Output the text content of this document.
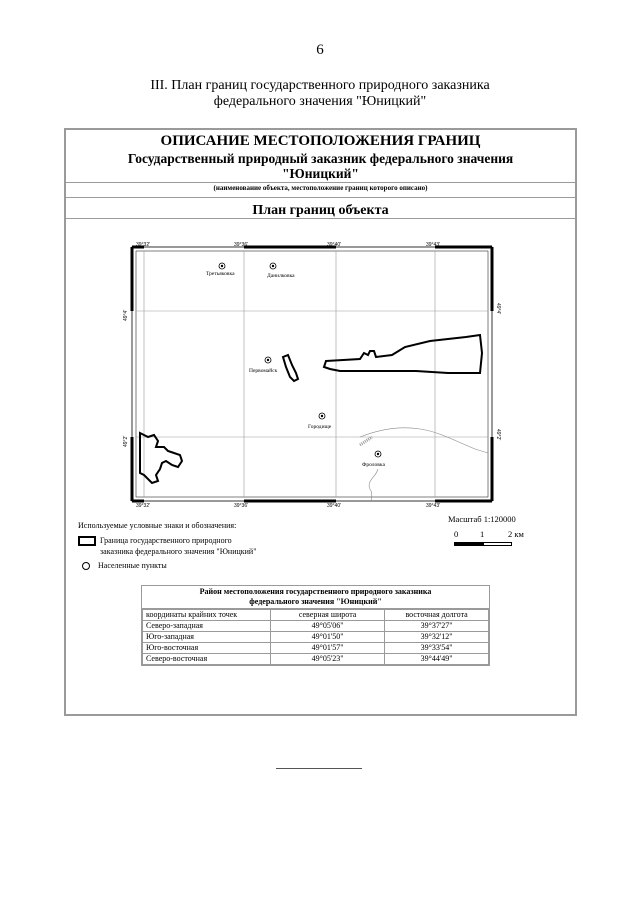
6
III. План границ государственного природного заказника
федерального значения "Юницкий"
ОПИСАНИЕ МЕСТОПОЛОЖЕНИЯ ГРАНИЦ
Государственный природный заказник федерального значения
"Юницкий"
(наименование объекта, местоположение границ которого описано)
План границ объекта
39°32'	39°36'	39°40'	39°43'
39°32'	39°36'	39°40'	39°43'
49°4'
49°2'
49°4'
49°2'
Третьяковка	Данилковка
Первомайск
Городище
Фроловка
Используемые условные знаки и обозначения:
Граница государственного природного
заказника федерального значения "Юницкий"
Населенные пункты
Масштаб 1:120000
0	1	2 км
Район местоположения государственного природного заказника
федерального значения "Юницкий"
координаты крайних точек	северная широта	восточная долгота
Северо-западная	49°05'06"	39°37'27"
Юго-западная	49°01'50"	39°32'12"
Юго-восточная	49°01'57"	39°33'54"
Северо-восточная	49°05'23"	39°44'49"
